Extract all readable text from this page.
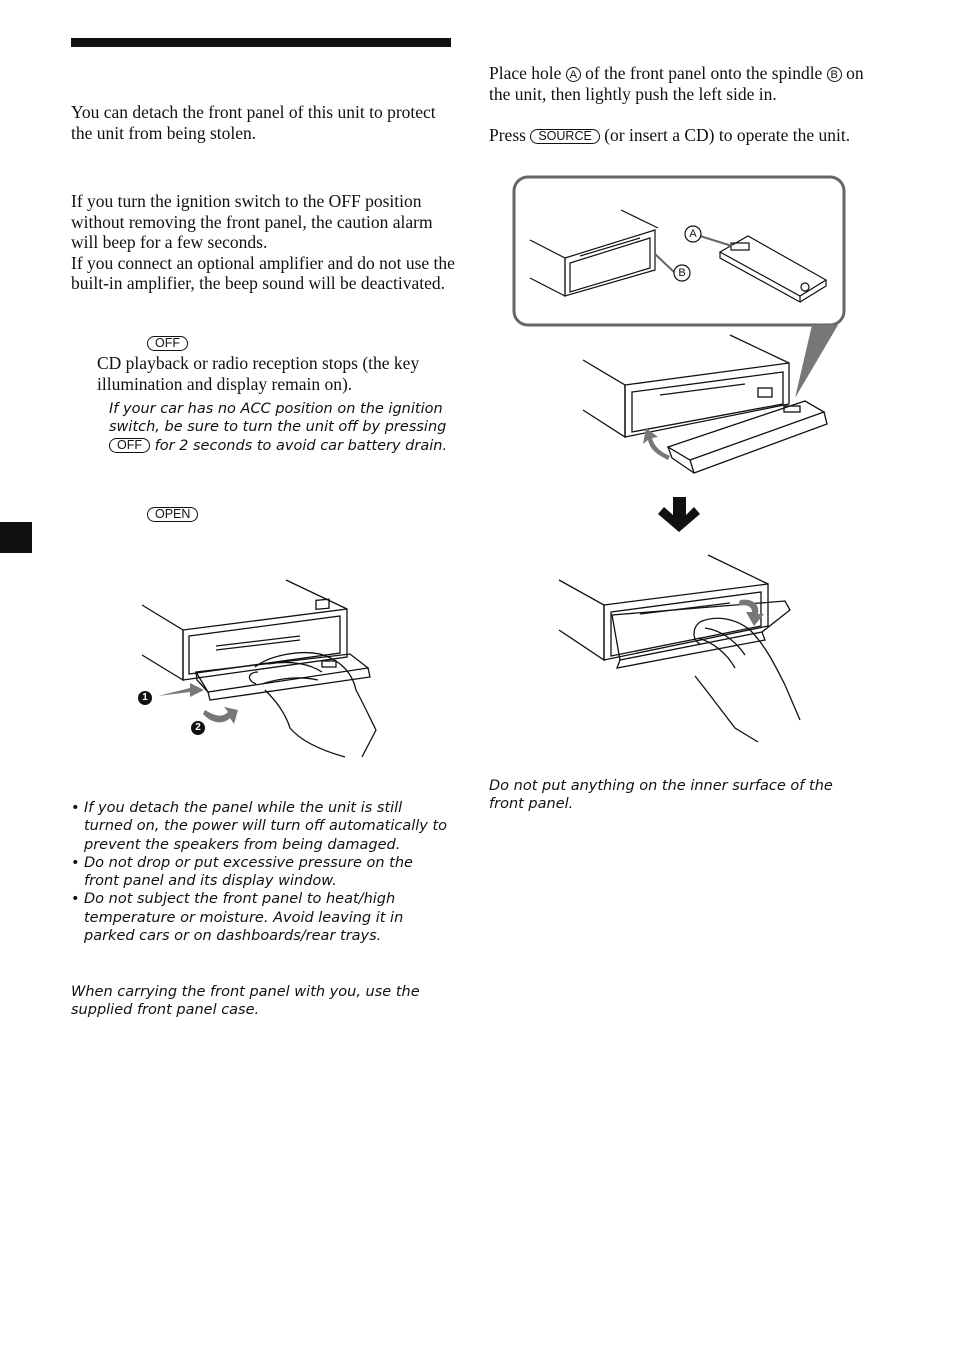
You can detach the front panel of this unit to protect the unit from being stolen.
If you turn the ignition switch to the OFF position without removing the front panel, the caution alarm will beep for a few seconds.
If you connect an optional amplifier and do not use the built-in amplifier, the beep sound will be deactivated.
OFF
CD playback or radio reception stops (the key illumination and display remain on).
If your car has no ACC position on the ignition switch, be sure to turn the unit off by pressing OFF for 2 seconds to avoid car battery drain.
OPEN
1
2
• If you detach the panel while the unit is still turned on, the power will turn off automatically to prevent the speakers from being damaged.
• Do not drop or put excessive pressure on the front panel and its display window.
• Do not subject the front panel to heat/high temperature or moisture. Avoid leaving it in parked cars or on dashboards/rear trays.
When carrying the front panel with you, use the supplied front panel case.
Place hole A of the front panel onto the spindle B on the unit, then lightly push the left side in.
Press SOURCE (or insert a CD) to operate the unit.
A
B
Do not put anything on the inner surface of the front panel.
